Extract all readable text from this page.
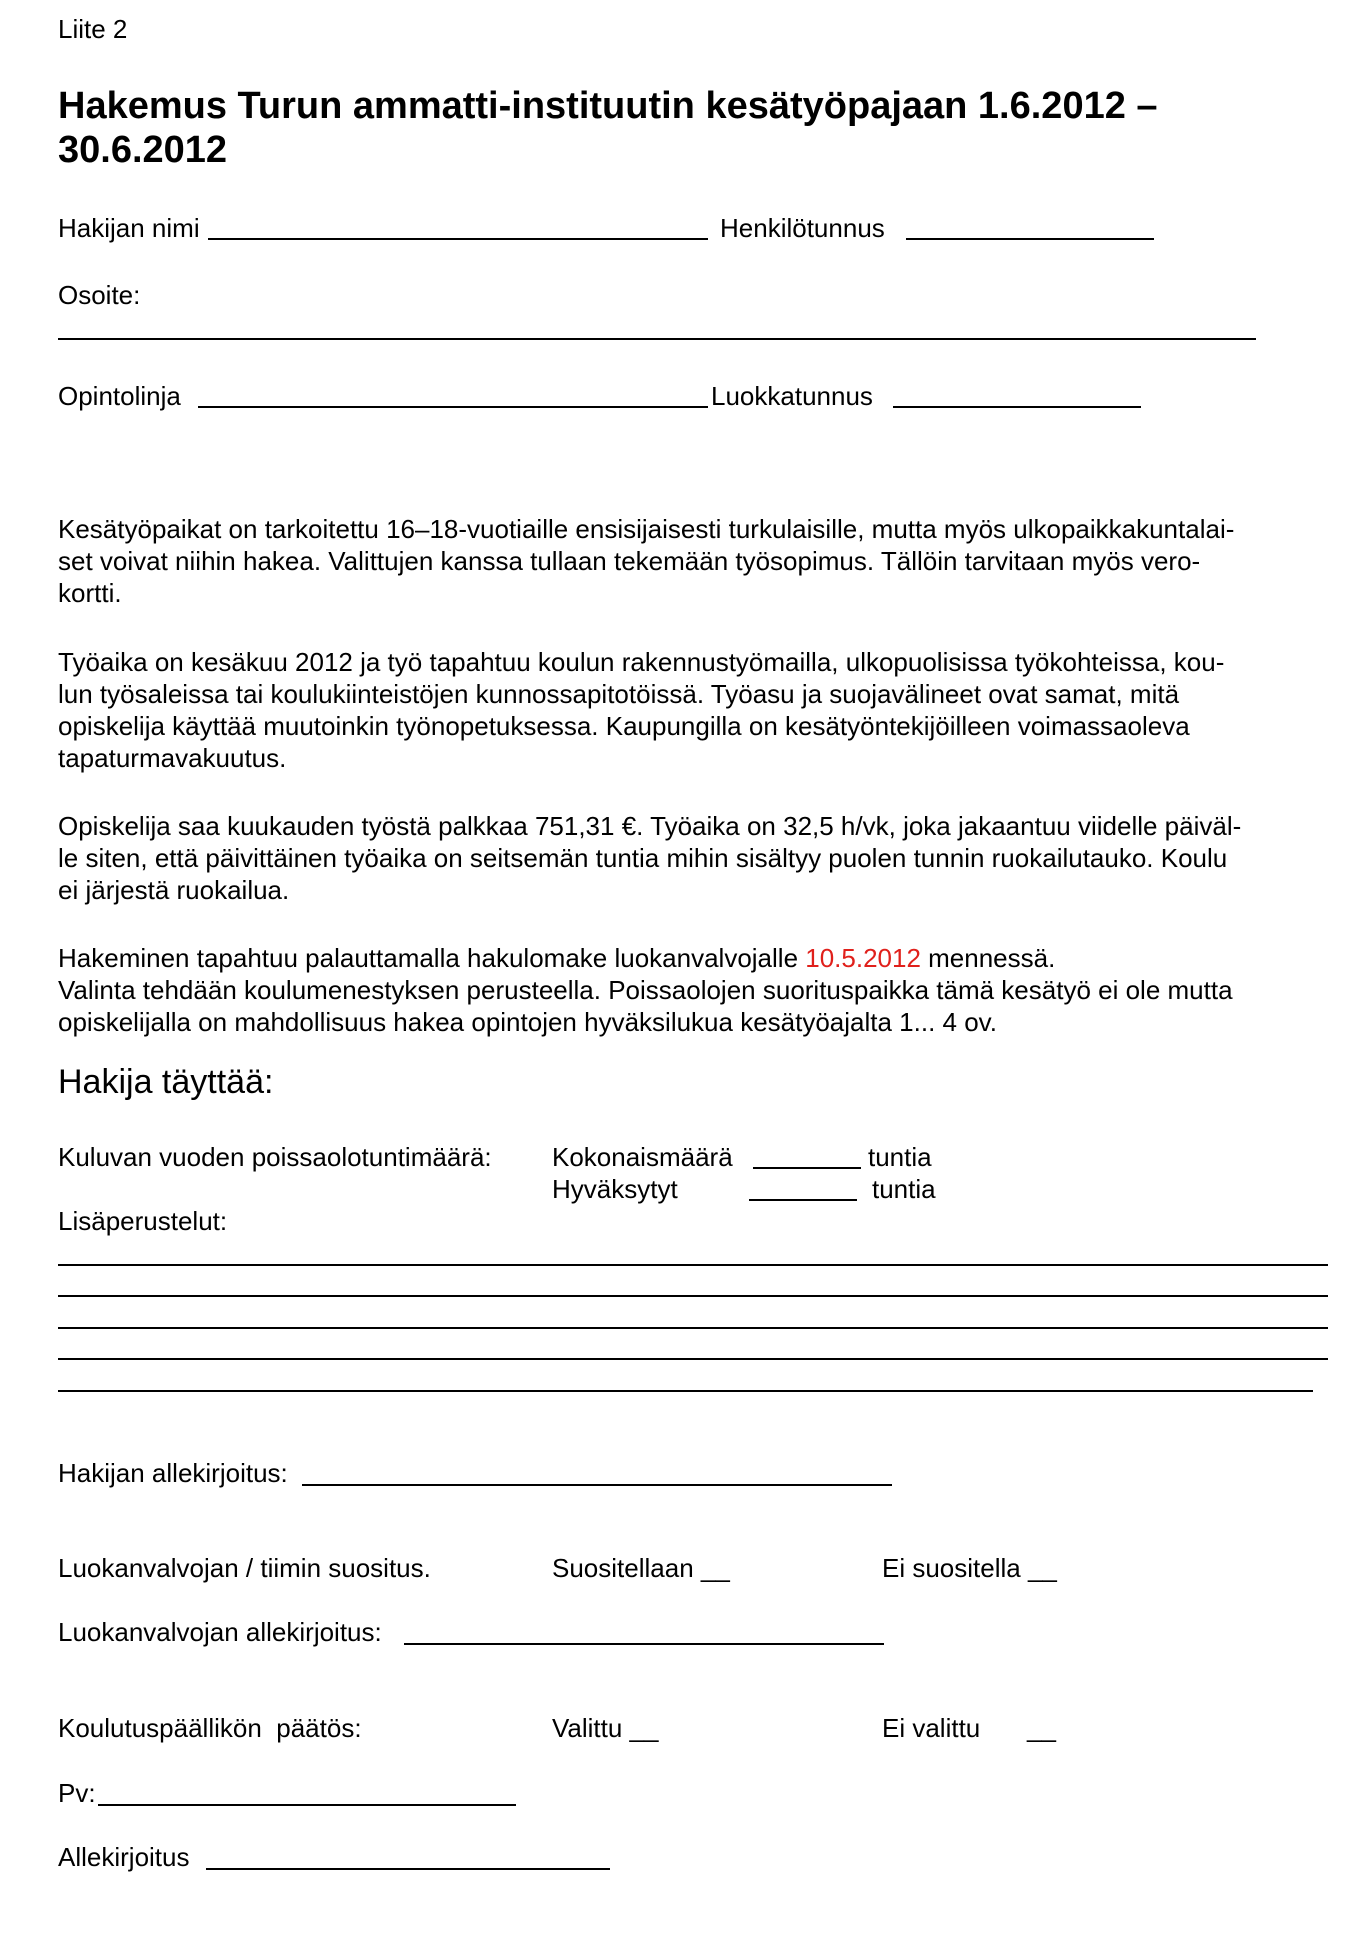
Liite 2
Hakemus Turun ammatti-instituutin kesätyöpajaan 1.6.2012 –
30.6.2012
Hakijan nimi	Henkilötunnus
Osoite:
Opintolinja	Luokkatunnus
Kesätyöpaikat on tarkoitettu 16–18-vuotiaille ensisijaisesti turkulaisille, mutta myös ulkopaikkakuntalai-
set voivat niihin hakea. Valittujen kanssa tullaan tekemään työsopimus. Tällöin tarvitaan myös vero-
kortti.
Työaika on kesäkuu 2012 ja työ tapahtuu koulun rakennustyömailla, ulkopuolisissa työkohteissa, kou-
lun työsaleissa tai koulukiinteistöjen kunnossapitotöissä. Työasu ja suojavälineet ovat samat, mitä
opiskelija käyttää muutoinkin työnopetuksessa. Kaupungilla on kesätyöntekijöilleen voimassaoleva
tapaturmavakuutus.
Opiskelija saa kuukauden työstä palkkaa 751,31 €. Työaika on 32,5 h/vk, joka jakaantuu viidelle päiväl-
le siten, että päivittäinen työaika on seitsemän tuntia mihin sisältyy puolen tunnin ruokailutauko. Koulu
ei järjestä ruokailua.
Hakeminen tapahtuu palauttamalla hakulomake luokanvalvojalle 10.5.2012 mennessä.
Valinta tehdään koulumenestyksen perusteella. Poissaolojen suorituspaikka tämä kesätyö ei ole mutta
opiskelijalla on mahdollisuus hakea opintojen hyväksilukua kesätyöajalta 1... 4 ov.
Hakija täyttää:
Kuluvan vuoden poissaolotuntimäärä: Kokonaismäärä	tuntia
Hyväksytyt	tuntia
Lisäperustelut:
Hakijan allekirjoitus:
Luokanvalvojan / tiimin suositus.	Suositellaan __	Ei suositella __
Luokanvalvojan allekirjoitus:
Koulutuspäällikön  päätös:	Valittu __	Ei valittu __
Pv:
Allekirjoitus
